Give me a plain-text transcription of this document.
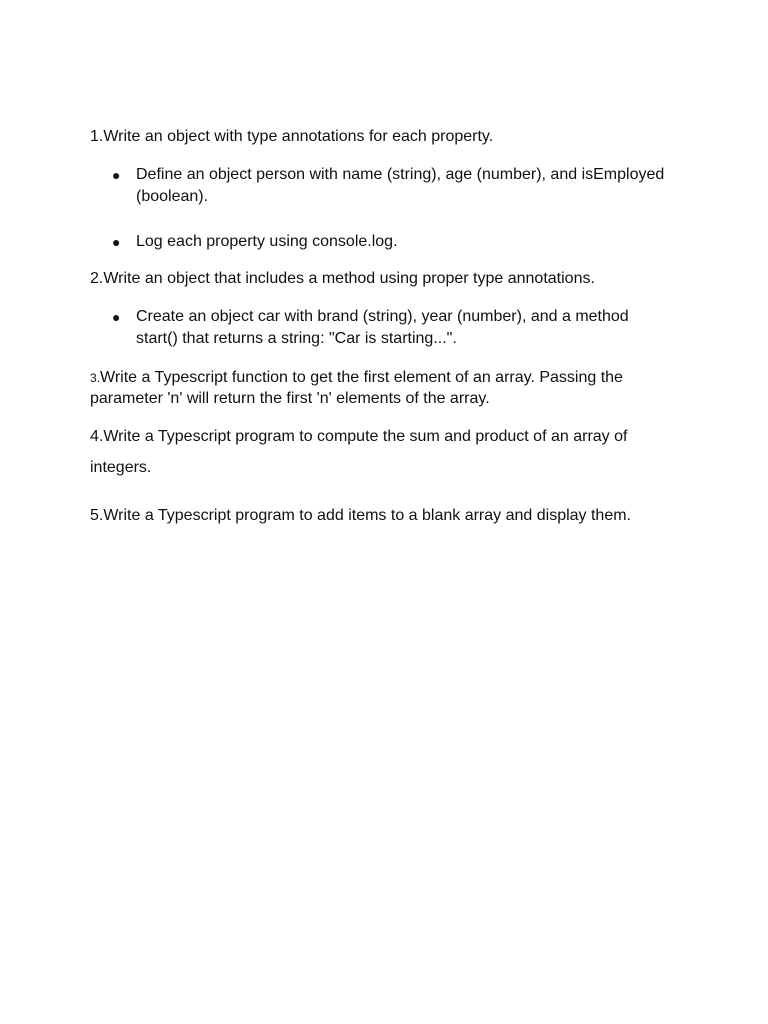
1.Write an object with type annotations for each property.

● Define an object person with name (string), age (number), and isEmployed

(boolean).

● Log each property using console.log.

2.Write an object that includes a method using proper type annotations.

● Create an object car with brand (string), year (number), and a method

start() that returns a string: "Car is starting...".

3.Write a Typescript function to get the first element of an array. Passing the

parameter 'n' will return the first 'n' elements of the array.

4.Write a Typescript program to compute the sum and product of an array of

integers.

5.Write a Typescript program to add items to a blank array and display them.
